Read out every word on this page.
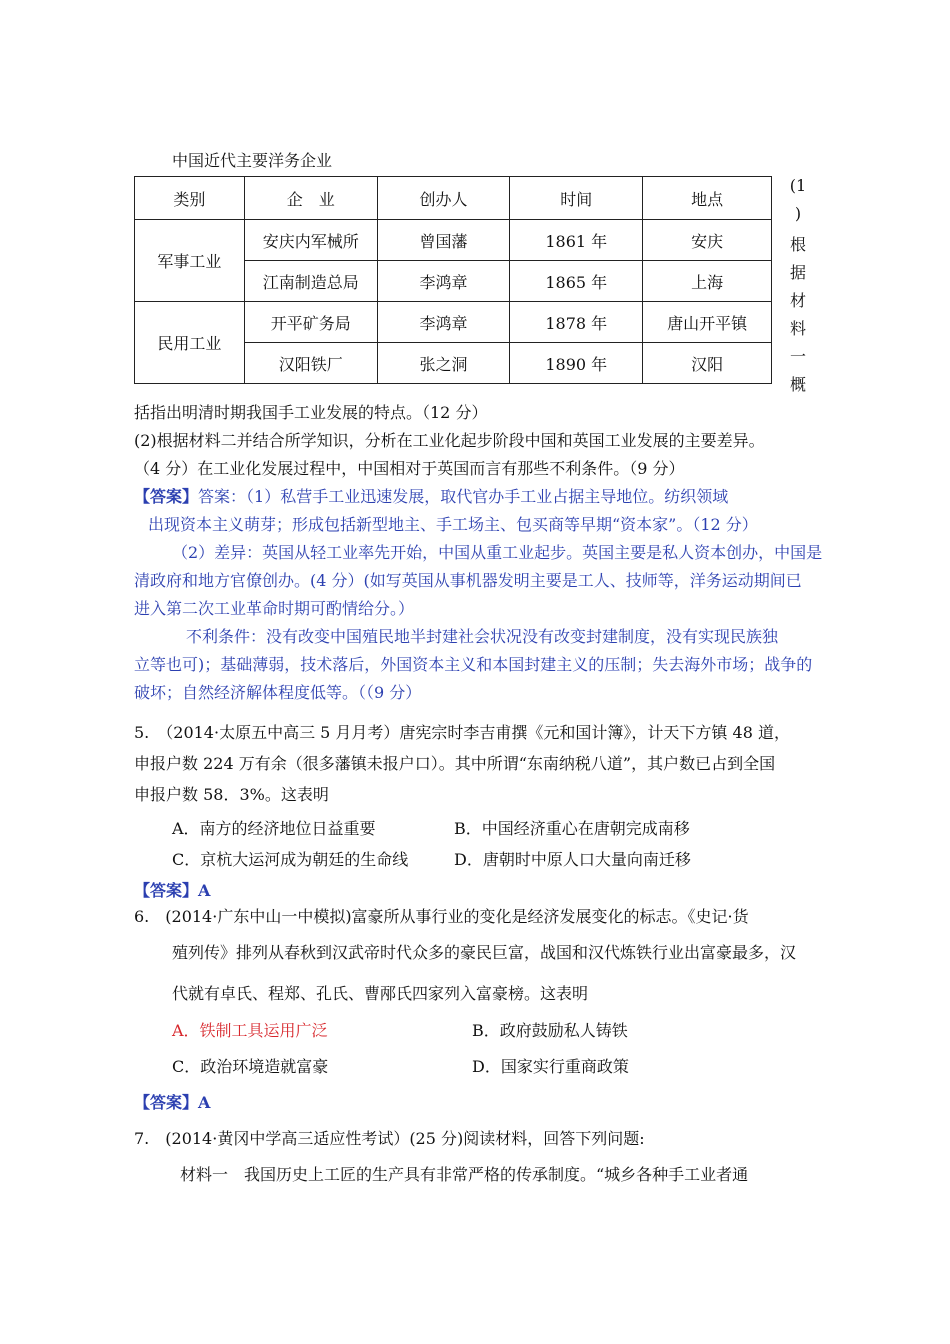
中国近代主要洋务企业
类别	企　业	创办人	时间	地点
军事工业	安庆内军械所	曾国藩	1861 年	安庆
	江南制造总局	李鸿章	1865 年	上海
民用工业	开平矿务局	李鸿章	1878 年	唐山开平镇
	汉阳铁厂	张之洞	1890 年	汉阳
(1
)
根
据
材
料
一
概
括指出明清时期我国手工业发展的特点。（12 分）
(2)根据材料二并结合所学知识，分析在工业化起步阶段中国和英国工业发展的主要差异。
（4 分）在工业化发展过程中，中国相对于英国而言有那些不利条件。（9 分）
【答案】答案：（1）私营手工业迅速发展，取代官办手工业占据主导地位。纺织领域
出现资本主义萌芽；形成包括新型地主、手工场主、包买商等早期“资本家”。（12 分）
（2）差异：英国从轻工业率先开始，中国从重工业起步。英国主要是私人资本创办，中国是
清政府和地方官僚创办。(4 分）(如写英国从事机器发明主要是工人、技师等，洋务运动期间已
进入第二次工业革命时期可酌情给分。）
不利条件：没有改变中国殖民地半封建社会状况没有改变封建制度，没有实现民族独
立等也可)；基础薄弱，技术落后，外国资本主义和本国封建主义的压制；失去海外市场；战争的
破坏；自然经济解体程度低等。（（9 分）
5.　（2014·太原五中高三 5 月月考）唐宪宗时李吉甫撰《元和国计簿》，计天下方镇 48 道，
申报户数 224 万有余（很多藩镇未报户口）。其中所谓“东南纳税八道”，其户数已占到全国
申报户数 58．3%。这表明
A．南方的经济地位日益重要	B．中国经济重心在唐朝完成南移
C．京杭大运河成为朝廷的生命线	D．唐朝时中原人口大量向南迁移
【答案】A
6.　(2014·广东中山一中模拟)富豪所从事行业的变化是经济发展变化的标志。《史记·货
殖列传》排列从春秋到汉武帝时代众多的豪民巨富，战国和汉代炼铁行业出富豪最多，汉
代就有卓氏、程郑、孔氏、曹邴氏四家列入富豪榜。这表明
A．铁制工具运用广泛	B．政府鼓励私人铸铁
C．政治环境造就富豪	D．国家实行重商政策
【答案】A
7.　(2014·黄冈中学高三适应性考试）(25 分)阅读材料，回答下列问题:
材料一　我国历史上工匠的生产具有非常严格的传承制度。“城乡各种手工业者通
